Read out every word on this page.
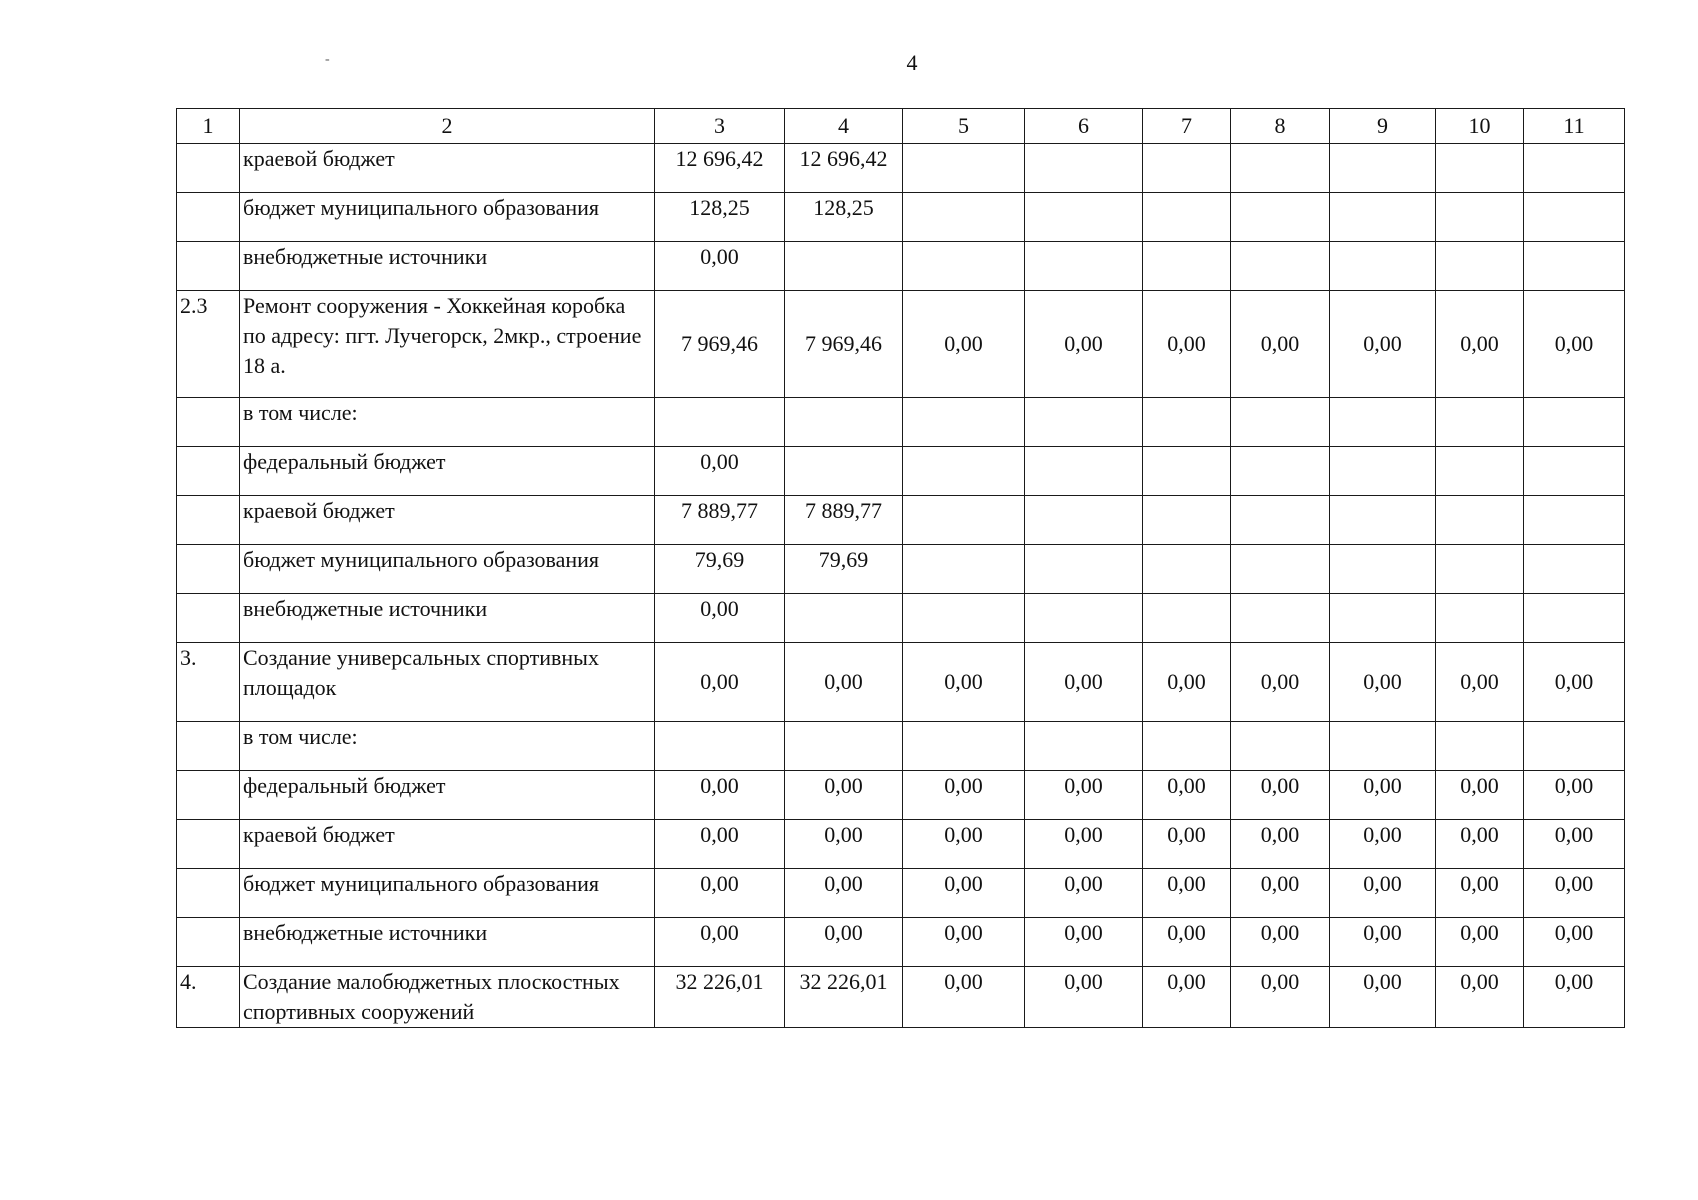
-	4
1	2	3	4	5	6	7	8	9	10	11
	краевой бюджет	12 696,42	12 696,42							
	бюджет муниципального образования	128,25	128,25							
	внебюджетные источники	0,00								
2.3	Ремонт сооружения - Хоккейная коробка по адресу: пгт. Лучегорск, 2мкр., строение 18 а.	7 969,46	7 969,46	0,00	0,00	0,00	0,00	0,00	0,00	0,00
	в том числе:									
	федеральный бюджет	0,00								
	краевой бюджет	7 889,77	7 889,77							
	бюджет муниципального образования	79,69	79,69							
	внебюджетные источники	0,00								
3.	Создание универсальных спортивных площадок	0,00	0,00	0,00	0,00	0,00	0,00	0,00	0,00	0,00
	в том числе:									
	федеральный бюджет	0,00	0,00	0,00	0,00	0,00	0,00	0,00	0,00	0,00
	краевой бюджет	0,00	0,00	0,00	0,00	0,00	0,00	0,00	0,00	0,00
	бюджет муниципального образования	0,00	0,00	0,00	0,00	0,00	0,00	0,00	0,00	0,00
	внебюджетные источники	0,00	0,00	0,00	0,00	0,00	0,00	0,00	0,00	0,00
4.	Создание малобюджетных плоскостных спортивных сооружений	32 226,01	32 226,01	0,00	0,00	0,00	0,00	0,00	0,00	0,00
